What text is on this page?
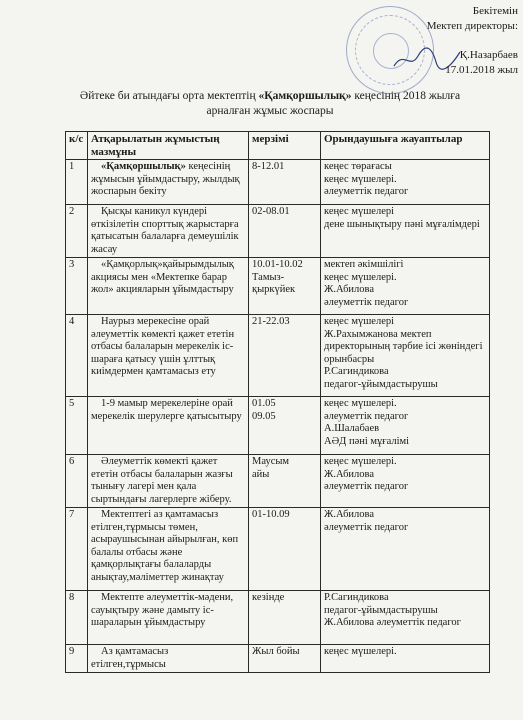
Бекітемін
Мектеп директоры:
Қ.Назарбаев
17.01.2018 жыл
Әйтеке би атындағы орта мектептің «Қамқоршылық» кеңесінің 2018 жылға арналған жұмыс жоспары
к/с	Атқарылатын жұмыстың мазмұны	мерзімі	Орындаушыға жауаптылар
1	«Қамқоршылық» кеңесінің жұмысын ұйымдастыру, жылдық жоспарын бекіту	8-12.01	кеңес төрағасы
кеңес мүшелері.
әлеуметтік педагог
2	Қысқы каникул күндері өткізілетін спорттық жарыстарға қатысатын балаларға демеушілік жасау	02-08.01	кеңес мүшелері
дене шынықтыру пәні мұғалімдері
3	«Қамқорлық»қайырымдылық акциясы мен «Мектепке барар жол» акцияларын ұйымдастыру	10.01-10.02
Тамыз-қыркүйек	мектеп әкімшілігі
кеңес мүшелері.
Ж.Абилова
әлеуметтік педагог
4	Наурыз мерекесіне орай әлеуметтік көмекті қажет ететін отбасы балаларын мерекелік іс-шараға қатысу үшін ұлттық киімдермен қамтамасыз ету	21-22.03	кеңес мүшелері
Ж.Рахымжанова мектеп директорының тәрбие ісі жөніндегі орынбасры
Р.Сагиндикова
педагог-ұйымдастырушы
5	1-9 мамыр мерекелеріне орай мерекелік шерулерге қатысытыру	01.05
09.05	кеңес мүшелері.
әлеуметтік педагог
А.Шалабаев
АӘД пәні мұғалімі
6	Әлеуметтік көмекті қажет ететін отбасы балаларын жазғы тынығу лагері мен қала сыртындағы лагерлерге жіберу.	Маусым
айы	кеңес мүшелері.
Ж.Абилова
әлеуметтік педагог
7	Мектептегі аз қамтамасыз етілген,тұрмысы төмен, асыраушысынан айырылған, көп балалы отбасы және қамқорлықтағы балаларды анықтау,мәліметтер жинақтау	01-10.09	Ж.Абилова
әлеуметтік педагог
8	Мектепте әлеуметтік-мәдени, сауықтыру және дамыту іс-шараларын ұйымдастыру	кезінде	Р.Сагиндикова
педагог-ұйымдастырушы
Ж.Абилова әлеуметтік педагог
9	Аз қамтамасыз етілген,тұрмысы	Жыл бойы	кеңес мүшелері.
